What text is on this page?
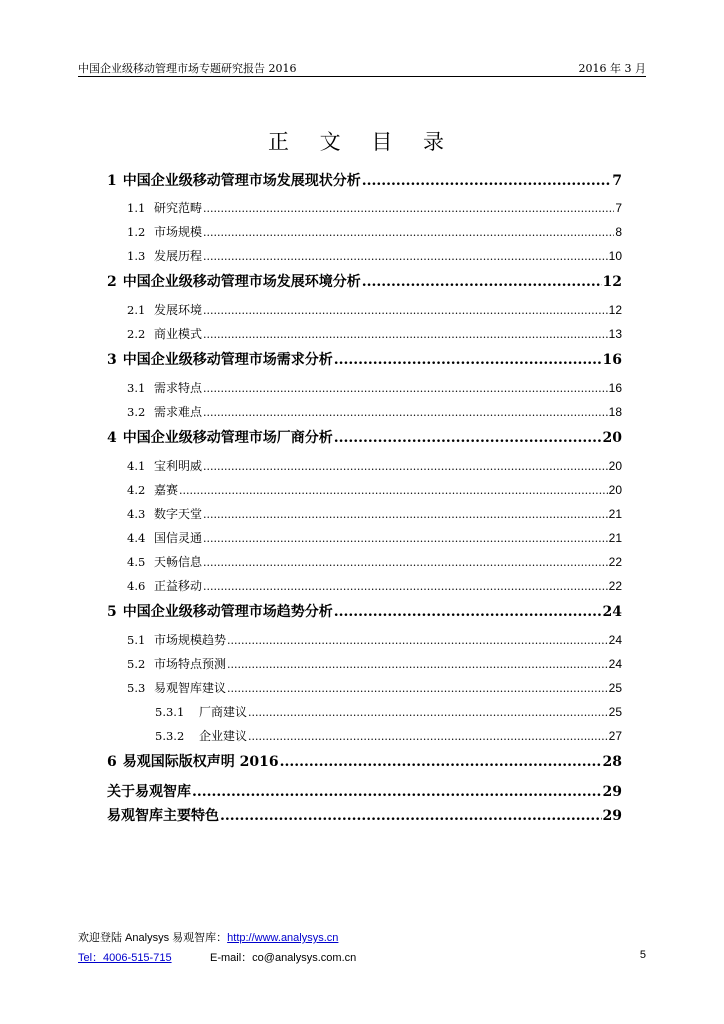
中国企业级移动管理市场专题研究报告 2016	2016 年 3 月
正 文 目 录
1 中国企业级移动管理市场发展现状分析 .....	7
1.1 研究范畴 .....	7
1.2 市场规模 .....	8
1.3 发展历程 .....	10
2 中国企业级移动管理市场发展环境分析 .....	12
2.1 发展环境 .....	12
2.2 商业模式 .....	13
3 中国企业级移动管理市场需求分析 .....	16
3.1 需求特点 .....	16
3.2 需求难点 .....	18
4 中国企业级移动管理市场厂商分析 .....	20
4.1 宝利明威 .....	20
4.2 嘉赛 .....	20
4.3 数字天堂 .....	21
4.4 国信灵通 .....	21
4.5 天畅信息 .....	22
4.6 正益移动 .....	22
5 中国企业级移动管理市场趋势分析 .....	24
5.1 市场规模趋势 .....	24
5.2 市场特点预测 .....	24
5.3 易观智库建议 .....	25
5.3.1	厂商建议 .....	25
5.3.2	企业建议 .....	27
6 易观国际版权声明 2016 .....	28
关于易观智库 .....	29
易观智库主要特色 .....	29
欢迎登陆 Analysys 易观智库：http://www.analysys.cn
Tel：4006-515-715	E-mail：co@analysys.com.cn	5
